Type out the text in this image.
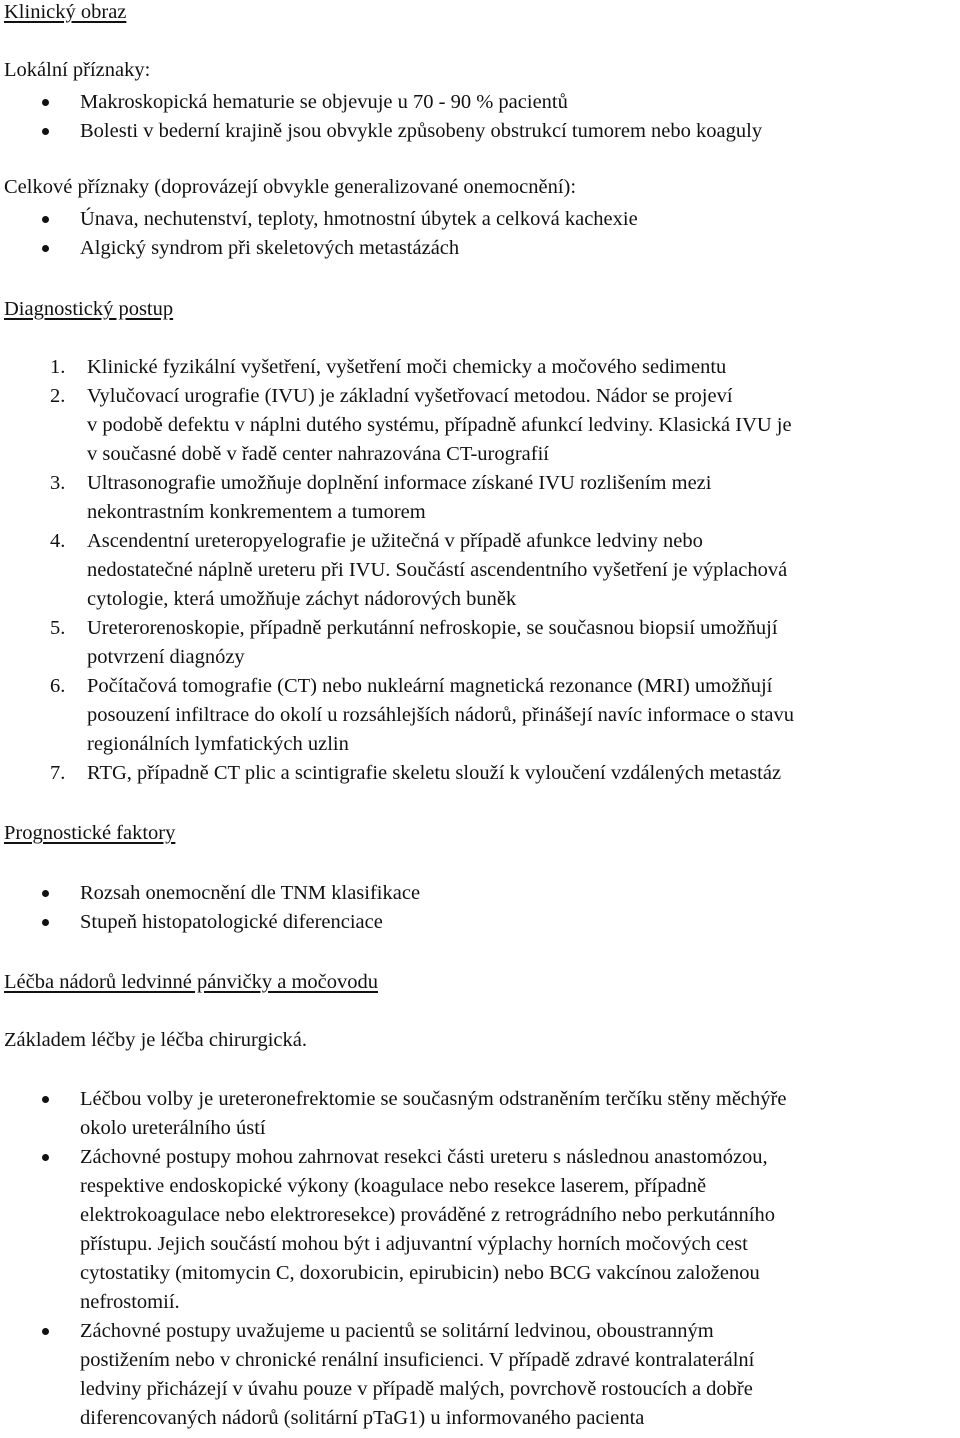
Klinický obraz

Lokální příznaky:

Makroskopická hematurie se objevuje u 70 - 90 % pacientů
Bolesti v bederní krajině jsou obvykle způsobeny obstrukcí tumorem nebo koaguly

Celkové příznaky (doprovázejí obvykle generalizované onemocnění):

Únava, nechutenství, teploty, hmotnostní úbytek a celková kachexie
Algický syndrom při skeletových metastázách

Diagnostický postup

1. Klinické fyzikální vyšetření, vyšetření moči chemicky a močového sedimentu
2. Vylučovací urografie (IVU) je základní vyšetřovací metodou. Nádor se projeví
v podobě defektu v náplni dutého systému, případně afunkcí ledviny. Klasická IVU je
v současné době v řadě center nahrazována CT-urografií
3. Ultrasonografie umožňuje doplnění informace získané IVU rozlišením mezi
nekontrastním konkrementem a tumorem
4. Ascendentní ureteropyelografie je užitečná v případě afunkce ledviny nebo
nedostatečné náplně ureteru při IVU. Součástí ascendentního vyšetření je výplachová
cytologie, která umožňuje záchyt nádorových buněk
5. Ureterorenoskopie, případně perkutánní nefroskopie, se současnou biopsií umožňují
potvrzení diagnózy
6. Počítačová tomografie (CT) nebo nukleární magnetická rezonance (MRI) umožňují
posouzení infiltrace do okolí u rozsáhlejších nádorů, přinášejí navíc informace o stavu
regionálních lymfatických uzlin
7. RTG, případně CT plic a scintigrafie skeletu slouží k vyloučení vzdálených metastáz

Prognostické faktory

Rozsah onemocnění dle TNM klasifikace
Stupeň histopatologické diferenciace

Léčba nádorů ledvinné pánvičky a močovodu

Základem léčby je léčba chirurgická.

Léčbou volby je ureteronefrektomie se současným odstraněním terčíku stěny měchýře
okolo ureterálního ústí
Záchovné postupy mohou zahrnovat resekci části ureteru s následnou anastomózou,
respektive endoskopické výkony (koagulace nebo resekce laserem, případně
elektrokoagulace nebo elektroresekce) prováděné z retrográdního nebo perkutánního
přístupu. Jejich součástí mohou být i adjuvantní výplachy horních močových cest
cytostatiky (mitomycin C, doxorubicin, epirubicin) nebo BCG vakcínou založenou
nefrostomií.
Záchovné postupy uvažujeme u pacientů se solitární ledvinou, oboustranným
postižením nebo v chronické renální insuficienci. V případě zdravé kontralaterální
ledviny přicházejí v úvahu pouze v případě malých, povrchově rostoucích a dobře
diferencovaných nádorů (solitární pTaG1) u informovaného pacienta
